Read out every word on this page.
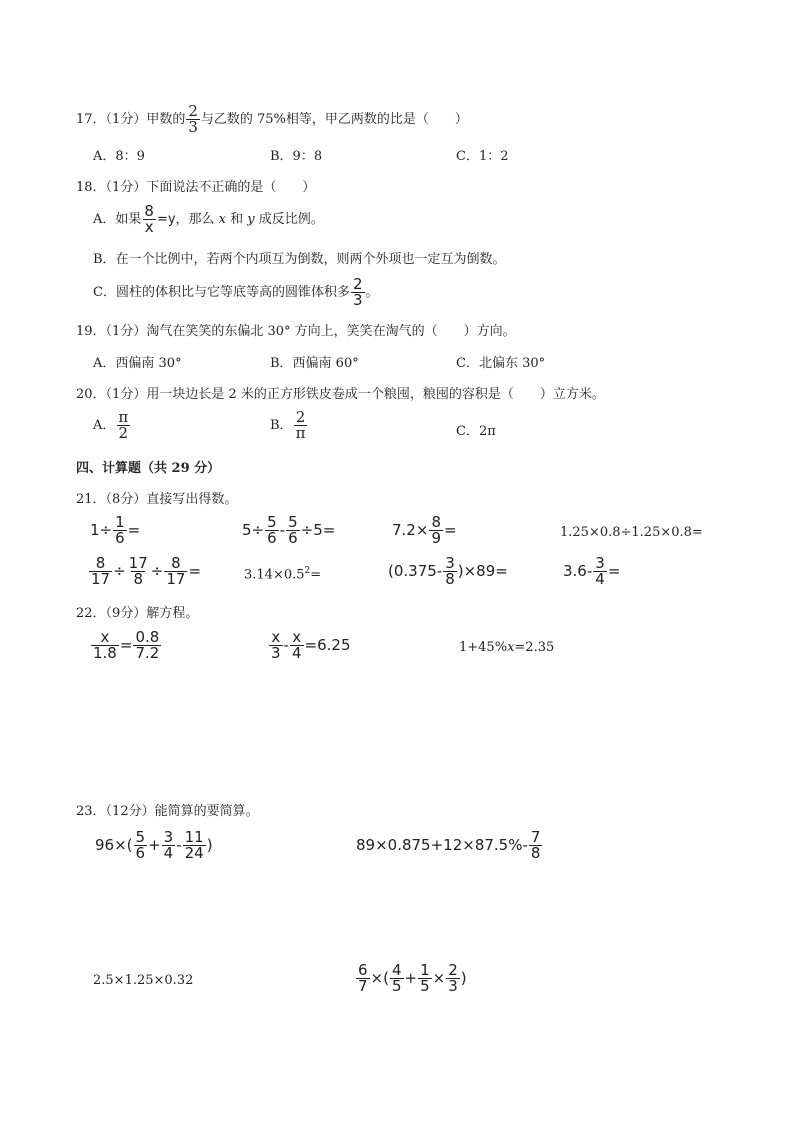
17．（1分）甲数的 $\frac{2}{3}$ 与乙数的 75%相等，甲乙两数的比是（　　）
A．8：9	B．9：8	C．1：2
18．（1分）下面说法不正确的是（　　）
A．如果 $\frac{8}{x} =y$，那么 x 和 y 成反比例。
B．在一个比例中，若两个内项互为倒数，则两个外项也一定互为倒数。
C．圆柱的体积比与它等底等高的圆锥体积多 $\frac{2}{3}$ 。
19．（1分）淘气在笑笑的东偏北 30° 方向上，笑笑在淘气的（　　）方向。
A．西偏南 30°	B．西偏南 60°	C．北偏东 30°
20．（1分）用一块边长是 2 米的正方形铁皮卷成一个粮囤，粮囤的容积是（　　）立方米。
A． $\frac{\pi}{2}$	B． $\frac{2}{\pi}$	C．2π
四、计算题（共 29 分）
21．（8分）直接写出得数。
$1\div \frac{1}{6}$ =	$5\div \frac{5}{6} - \frac{5}{6} \div 5=$	$7.2\times \frac{8}{9}$ =	1.25×0.8÷1.25×0.8=
$\frac{8}{17} \div \frac{17}{8} \div \frac{8}{17}$ =	$3.14\times 0.5^2=$	$(0.375- \frac{3}{8} )\times 89=$	$3.6- \frac{3}{4}$ =
22．（9分）解方程。
$\frac{x}{1.8} = \frac{0.8}{7.2}$	$\frac{x}{3} - \frac{x}{4} =6.25$	1+45%x=2.35
23．（12分）能简算的要简算。
$96\times( \frac{5}{6} + \frac{3}{4} - \frac{11}{24}$ )	$89\times 0.875+12\times 87.5\%- \frac{7}{8}$
2.5×1.25×0.32	$\frac{6}{7}$ ×( $\frac{4}{5} + \frac{1}{5} \times \frac{2}{3}$ )
